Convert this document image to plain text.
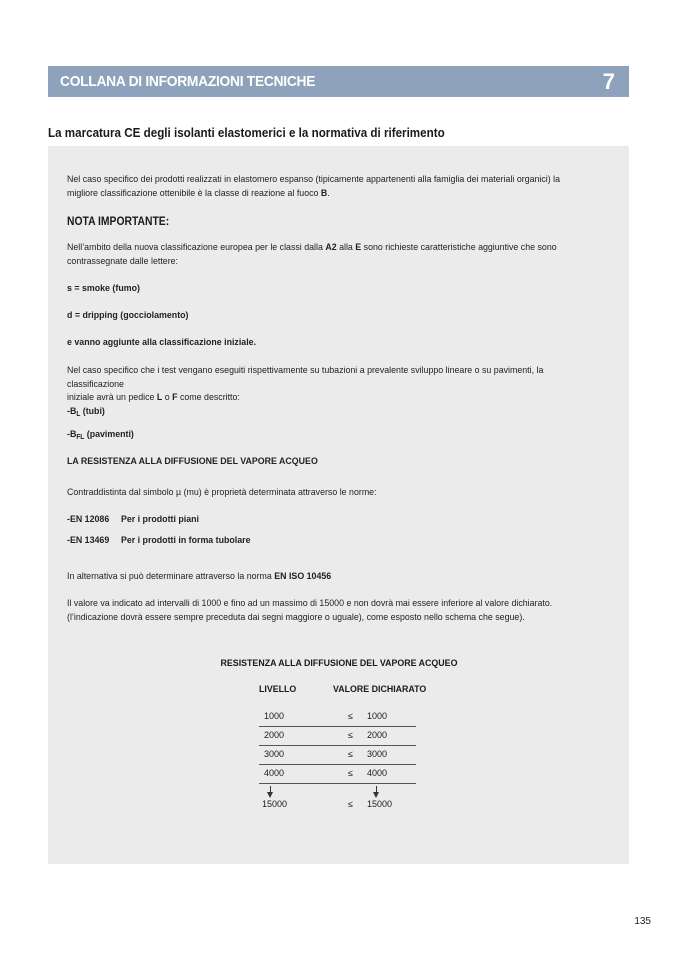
COLLANA DI INFORMAZIONI TECNICHE	7
La marcatura CE degli isolanti elastomerici e la normativa di riferimento
Nel caso specifico dei prodotti realizzati in elastomero espanso (tipicamente appartenenti alla famiglia dei materiali organici) la
migliore classificazione ottenibile è la classe di reazione al fuoco B.
NOTA IMPORTANTE:
Nell’ambito della nuova classificazione europea per le classi dalla A2 alla E sono richieste caratteristiche aggiuntive che sono
contrassegnate dalle lettere:
s = smoke (fumo)
d = dripping (gocciolamento)
e vanno aggiunte alla classificazione iniziale.
Nel caso specifico che i test vengano eseguiti rispettivamente su tubazioni a prevalente sviluppo lineare o su pavimenti, la classificazione
iniziale avrà un pedice L o F come descritto:
$-B_L$ (tubi)
$-B_{FL}$ (pavimenti)
LA RESISTENZA ALLA DIFFUSIONE DEL VAPORE ACQUEO
Contraddistinta dal simbolo µ (mu) è proprietà determinata attraverso le norme:
-EN 12086 Per i prodotti piani
-EN 13469 Per i prodotti in forma tubolare
In alternativa si può determinare attraverso la norma EN ISO 10456
Il valore va indicato ad intervalli di 1000 e fino ad un massimo di 15000 e non dovrà mai essere inferiore al valore dichiarato.
(l’indicazione dovrà essere sempre preceduta dai segni maggiore o uguale), come esposto nello schema che segue).
RESISTENZA ALLA DIFFUSIONE DEL VAPORE ACQUEO
LIVELLO	VALORE DICHIARATO
1000	≤ 1000
2000	≤ 2000
3000	≤ 3000
4000	≤ 4000
15000	≤ 15000
135
